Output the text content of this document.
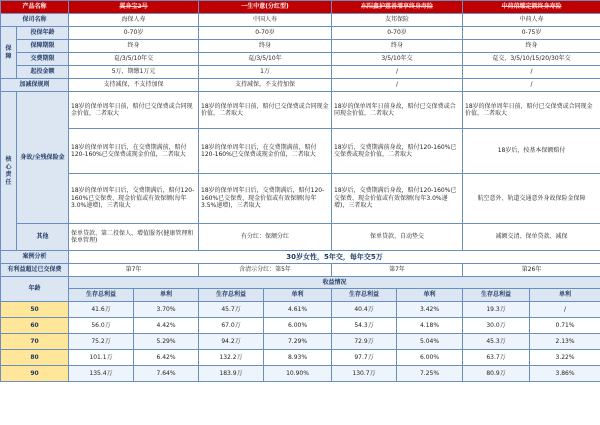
产品名称		翼身宝2号		一生中意(分红型)		东阳鑫护慈善增享终身寿险		中荷荣耀定额终身寿险	
保司名称		海保人寿		中国人寿		友邦保险		中荷人寿	
保障	投保年龄	0-70岁		0-70岁		0-70岁		0-75岁	
	保障期限	终身		终身		终身		终身	
	交费期限	趸/3/5/10年交		趸/3/5/10年		3/5/10年交		趸交、3/5/10/15/20/30年交	
	起投金额	5万，期缴1万元		1万		/		/	
加减保规则		支持减保，不支持加保		支持减保，不支持加保		/		/	
核心责任	身故/全残保险金	18岁的保单周年日前，赔付已交保费或合同现金价值，二者取大		18岁的保单周年日前，赔付已交保费或合同现金价值，二者取大		18岁的保单周年日前身故，赔付已交保费或合同现金价值，二者取大		18岁的保单周年日前，赔付已交保费或合同现金价值，二者取大	
		18岁的保单周年日后，在交费期满前，赔付120-160%已交保费或现金价值，二者取大		18岁的保单周年日后，在交费期满前，赔付120-160%已交保费或现金价值，二者取大		18岁后，交费期满前身故，赔付120-160%已交保费或现金价值，二者取大		18岁后，按基本保额赔付	
		18岁的保单周年日后，交费期满后，赔付120-160%已交保费、现金价值或有效保额(每年3.0%递增)，三者取大		18岁的保单周年日后，交费期满后，赔付120-160%已交保费、现金价值或有效保额(每年3.5%递增)，三者取大		18岁后，交费期满后身故，赔付120-160%已交保费、现金价值或有效保额(每年3.0%递增)，三者取大		航空意外、轨道交通意外身故保险金保障	
	其他	保单贷款、第二投保人、增值服务(健康管理和保单管理)		有分红：保额分红		保单贷款、自动垫交		减额交清、保单贷款、减保	
案例分析		30岁女性，5年交，每年交5万							
有利益超过已交保费		第7年		含清示分红：第5年		第7年		第26年	
年龄		收益情况							
		生存总利益	单利	生存总利益	单利	生存总利益	单利	生存总利益	单利
50		41.6万	3.70%	45.7万	4.61%	40.4万	3.42%	19.3万	/
60		56.0万	4.42%	67.0万	6.00%	54.3万	4.18%	30.0万	0.71%
70		75.2万	5.29%	94.2万	7.29%	72.9万	5.04%	45.3万	2.13%
80		101.1万	6.42%	132.2万	8.93%	97.7万	6.00%	63.7万	3.22%
90		135.4万	7.64%	183.9万	10.90%	130.7万	7.25%	80.9万	3.86%
